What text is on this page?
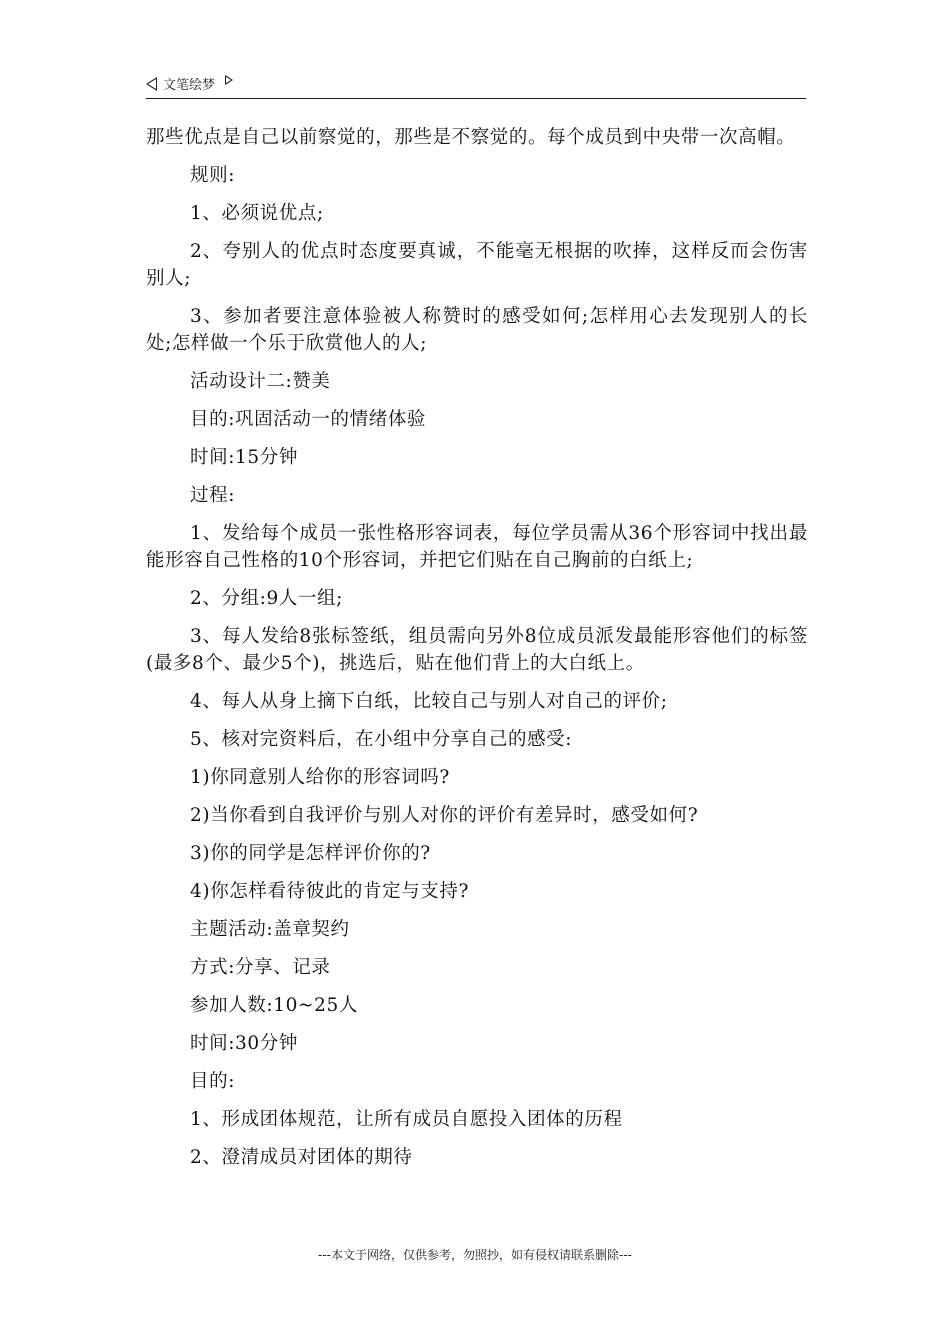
文笔绘梦

那些优点是自己以前察觉的，那些是不察觉的。每个成员到中央带一次高帽。

规则:

1、必须说优点;

2、夸别人的优点时态度要真诚，不能毫无根据的吹捧，这样反而会伤害别人;

3、参加者要注意体验被人称赞时的感受如何;怎样用心去发现别人的长处;怎样做一个乐于欣赏他人的人;

活动设计二:赞美

目的:巩固活动一的情绪体验

时间:15分钟

过程:

1、发给每个成员一张性格形容词表，每位学员需从36个形容词中找出最能形容自己性格的10个形容词，并把它们贴在自己胸前的白纸上;

2、分组:9人一组;

3、每人发给8张标签纸，组员需向另外8位成员派发最能形容他们的标签(最多8个、最少5个)，挑选后，贴在他们背上的大白纸上。

4、每人从身上摘下白纸，比较自己与别人对自己的评价;

5、核对完资料后，在小组中分享自己的感受:

1)你同意别人给你的形容词吗?

2)当你看到自我评价与别人对你的评价有差异时，感受如何?

3)你的同学是怎样评价你的?

4)你怎样看待彼此的肯定与支持?

主题活动:盖章契约

方式:分享、记录

参加人数:10~25人

时间:30分钟

目的:

1、形成团体规范，让所有成员自愿投入团体的历程

2、澄清成员对团体的期待

---本文于网络，仅供参考，勿照抄，如有侵权请联系删除---
